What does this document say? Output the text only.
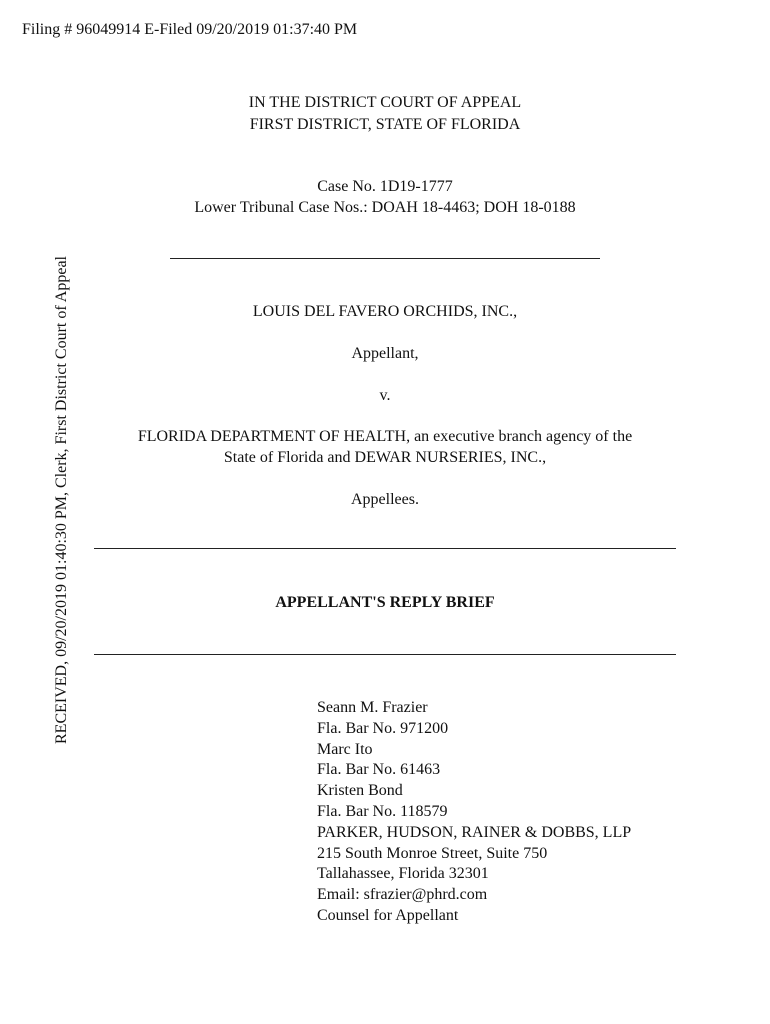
Filing # 96049914 E-Filed 09/20/2019 01:37:40 PM
RECEIVED, 09/20/2019 01:40:30 PM, Clerk, First District Court of Appeal
IN THE DISTRICT COURT OF APPEAL
FIRST DISTRICT, STATE OF FLORIDA
Case No. 1D19-1777
Lower Tribunal Case Nos.: DOAH 18-4463; DOH 18-0188
LOUIS DEL FAVERO ORCHIDS, INC.,
Appellant,
v.
FLORIDA DEPARTMENT OF HEALTH, an executive branch agency of the
State of Florida and DEWAR NURSERIES, INC.,
Appellees.
APPELLANT'S REPLY BRIEF
Seann M. Frazier
Fla. Bar No. 971200
Marc Ito
Fla. Bar No. 61463
Kristen Bond
Fla. Bar No. 118579
PARKER, HUDSON, RAINER & DOBBS, LLP
215 South Monroe Street, Suite 750
Tallahassee, Florida 32301
Email: sfrazier@phrd.com
Counsel for Appellant
